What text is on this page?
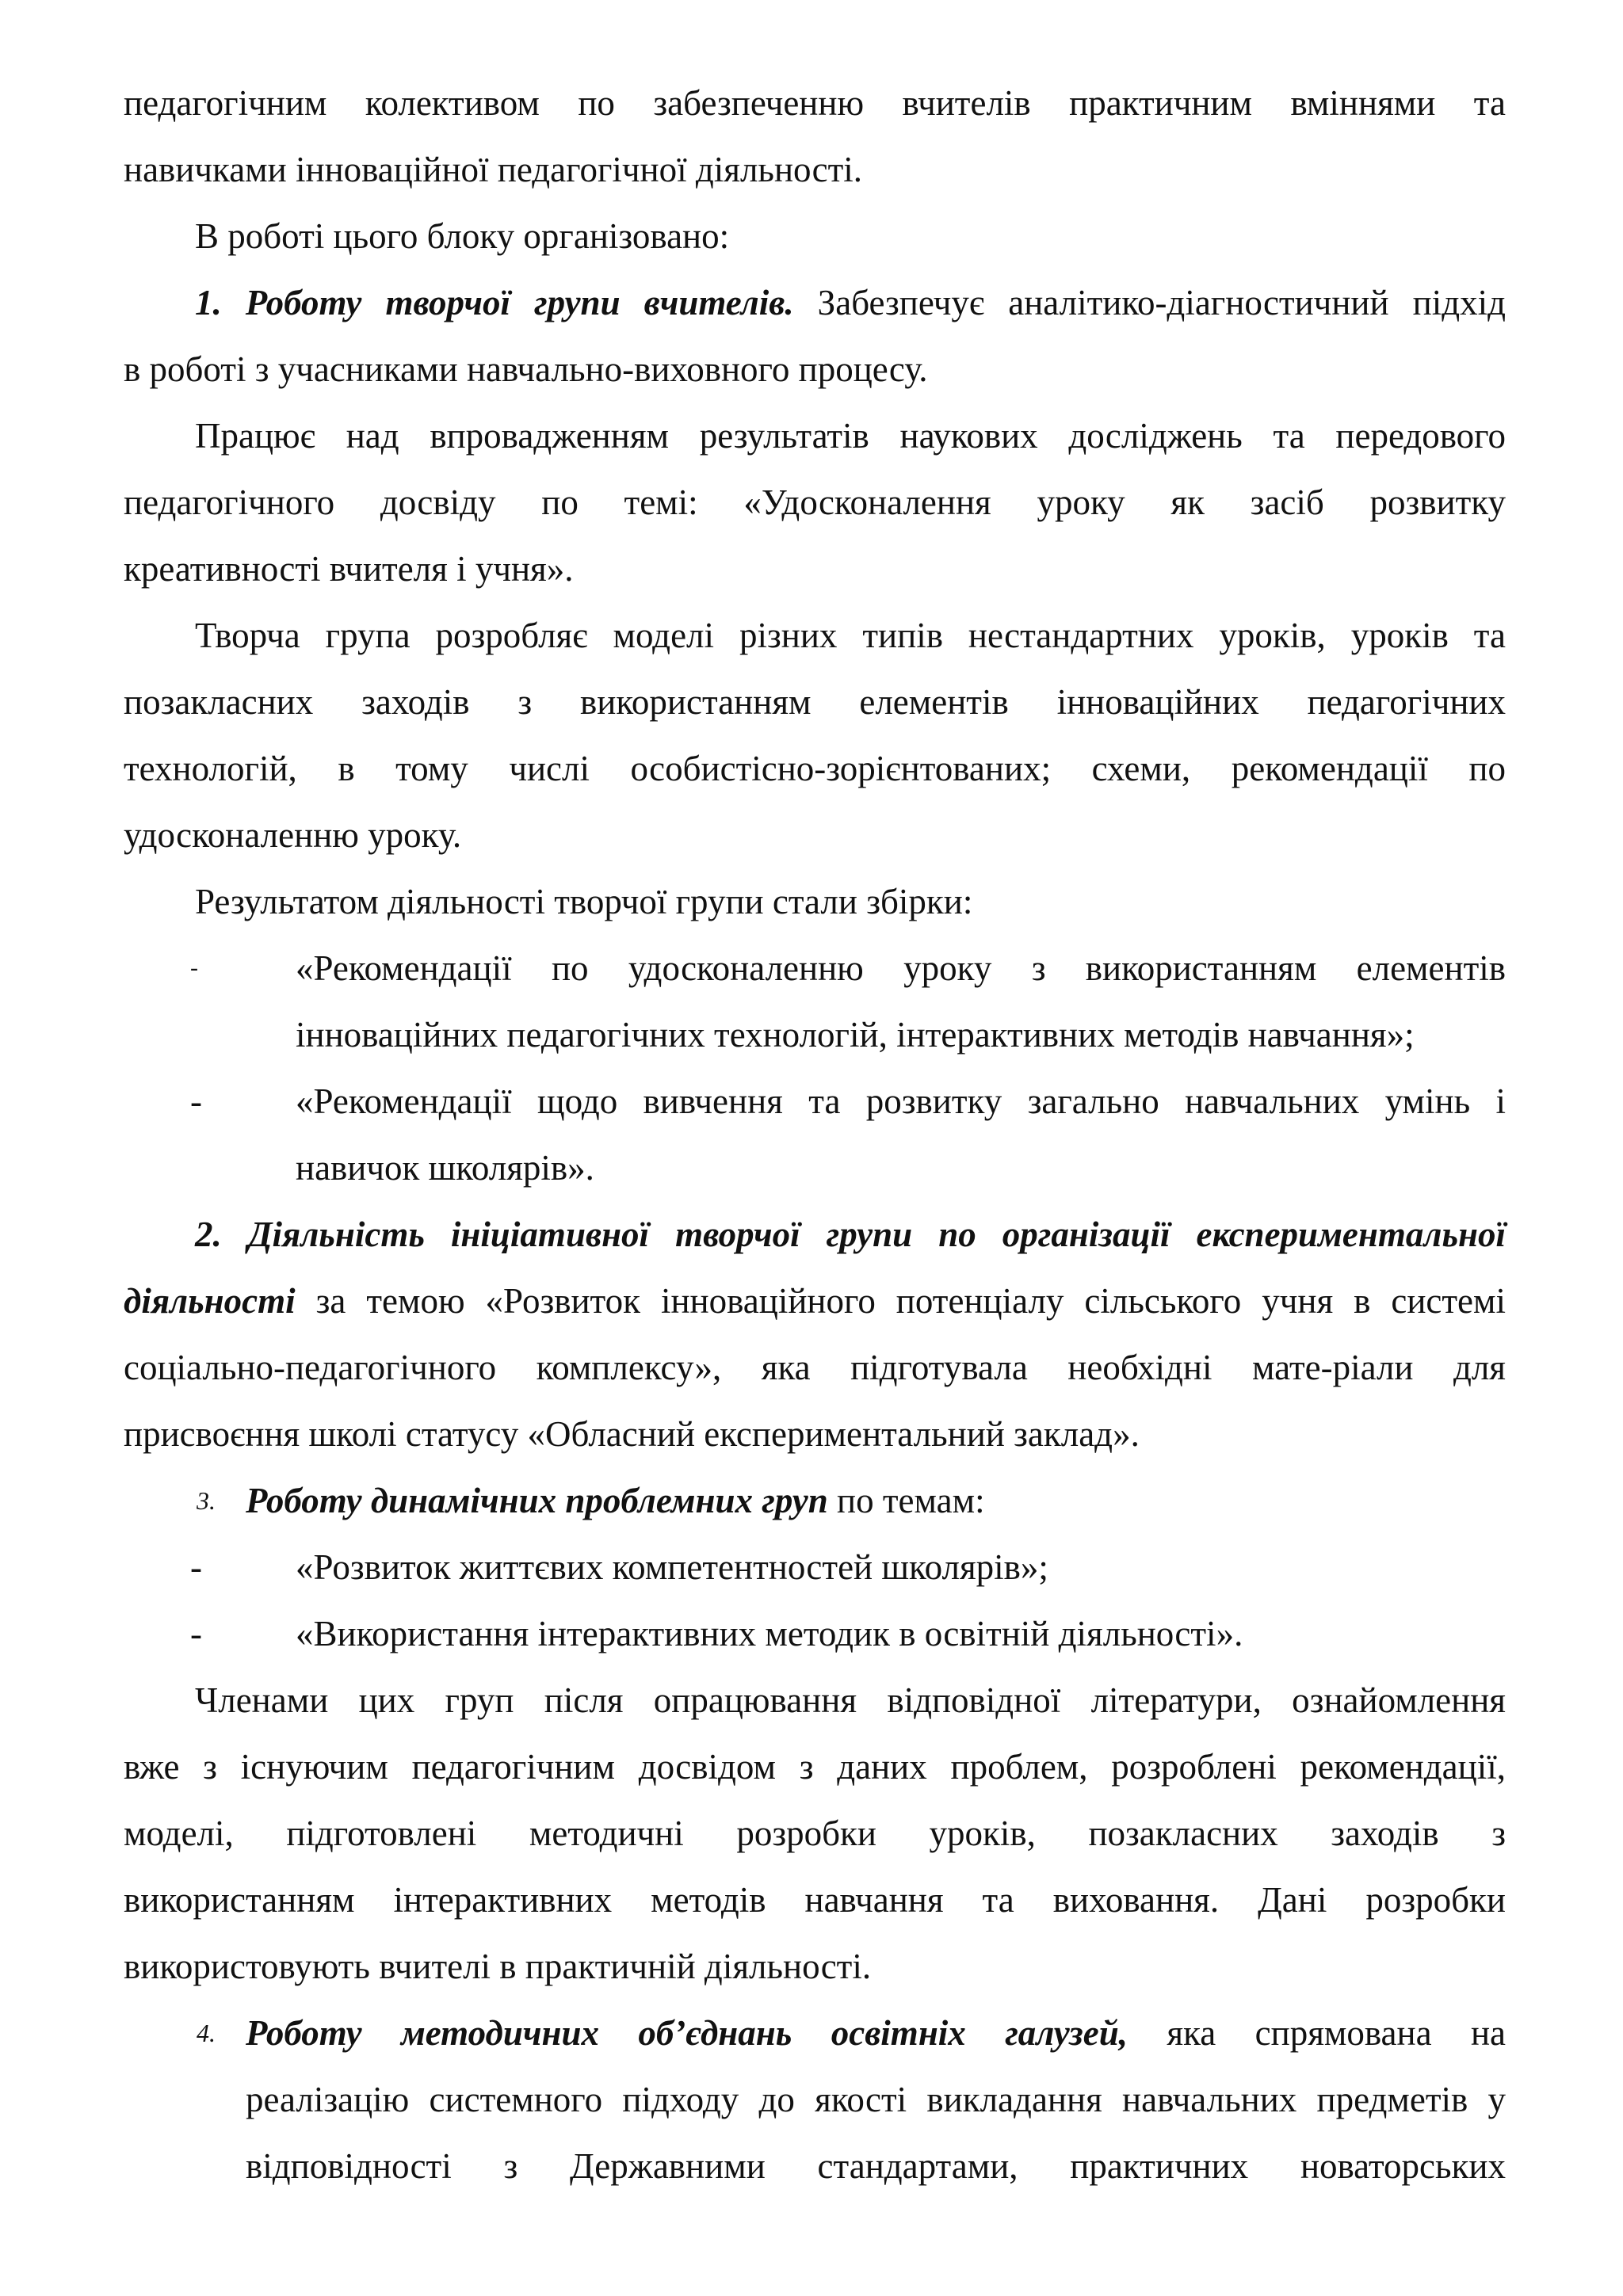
педагогічним колективом по забезпеченню вчителів практичним вміннями та
навичками інноваційної педагогічної діяльності.
В роботі цього блоку організовано:
1. Роботу творчої групи вчителів. Забезпечує аналітико-діагностичний підхід
в роботі з учасниками навчально-виховного процесу.
Працює над впровадженням результатів наукових досліджень та передового
педагогічного досвіду по темі: «Удосконалення уроку як засіб розвитку
креативності вчителя і учня».
Творча група розробляє моделі різних типів нестандартних уроків, уроків та
позакласних заходів з використанням елементів інноваційних педагогічних
технологій, в тому числі особистісно-зорієнтованих; схеми, рекомендації по
удосконаленню уроку.
Результатом діяльності творчої групи стали збірки:
-	«Рекомендації по удосконаленню уроку з використанням елементів
інноваційних педагогічних технологій, інтерактивних методів навчання»;
-	«Рекомендації щодо вивчення та розвитку загально навчальних умінь і
навичок школярів».
2. Діяльність ініціативної творчої групи по організації експериментальної
діяльності за темою «Розвиток інноваційного потенціалу сільського учня в системі
соціально-педагогічного комплексу», яка підготувала необхідні мате-ріали для
присвоєння школі статусу «Обласний експериментальний заклад».
3. Роботу динамічних проблемних груп по темам:
-	«Розвиток життєвих компетентностей школярів»;
-	«Використання інтерактивних методик в освітній діяльності».
Членами цих груп після опрацювання відповідної літератури, ознайомлення
вже з існуючим педагогічним досвідом з даних проблем, розроблені рекомендації,
моделі, підготовлені методичні розробки уроків, позакласних заходів з
використанням інтерактивних методів навчання та виховання. Дані розробки
використовують вчителі в практичній діяльності.
4. Роботу методичних об’єднань освітніх галузей, яка спрямована на
реалізацію системного підходу до якості викладання навчальних предметів у
відповідності з Державними стандартами, практичних новаторських
